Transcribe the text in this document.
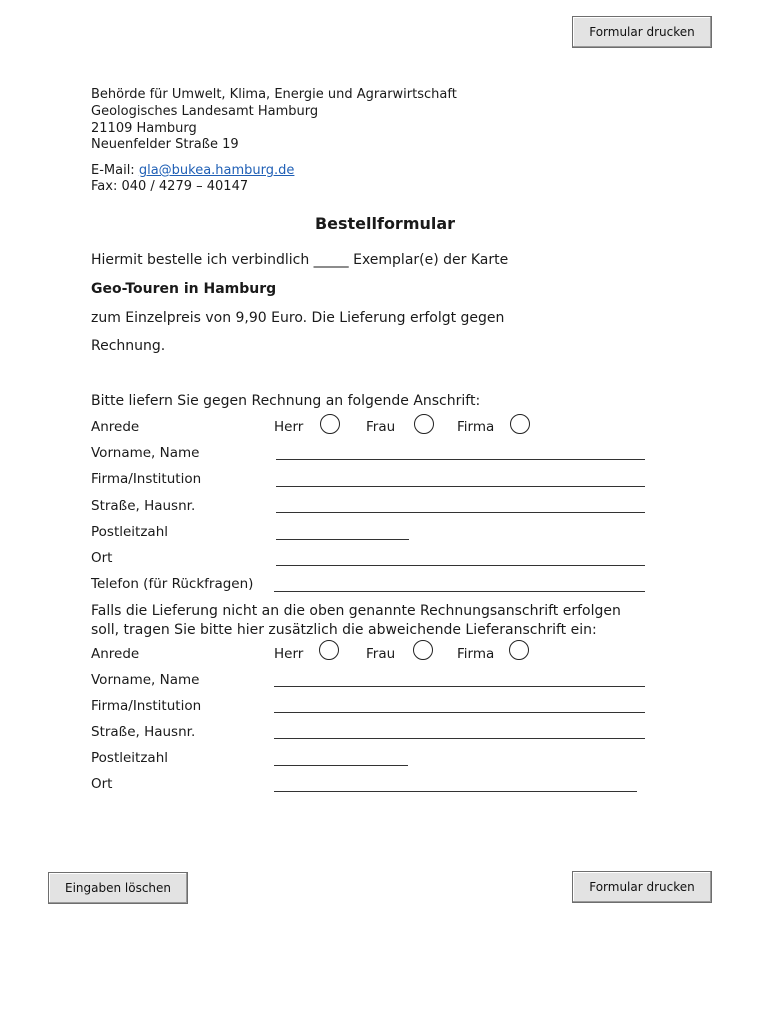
Formular drucken
Behörde für Umwelt, Klima, Energie und Agrarwirtschaft
Geologisches Landesamt Hamburg
21109 Hamburg
Neuenfelder Straße 19
E-Mail: gla@bukea.hamburg.de
Fax: 040 / 4279 – 40147
Bestellformular
Hiermit bestelle ich verbindlich _____ Exemplar(e) der Karte
Geo-Touren in Hamburg
zum Einzelpreis von 9,90 Euro. Die Lieferung erfolgt gegen
Rechnung.
Bitte liefern Sie gegen Rechnung an folgende Anschrift:
Anrede	Herr	Frau	Firma
Vorname, Name
Firma/Institution
Straße, Hausnr.
Postleitzahl
Ort
Telefon (für Rückfragen)
Falls die Lieferung nicht an die oben genannte Rechnungsanschrift erfolgen
soll, tragen Sie bitte hier zusätzlich die abweichende Lieferanschrift ein:
Anrede	Herr	Frau	Firma
Vorname, Name
Firma/Institution
Straße, Hausnr.
Postleitzahl
Ort
Eingaben löschen	Formular drucken
